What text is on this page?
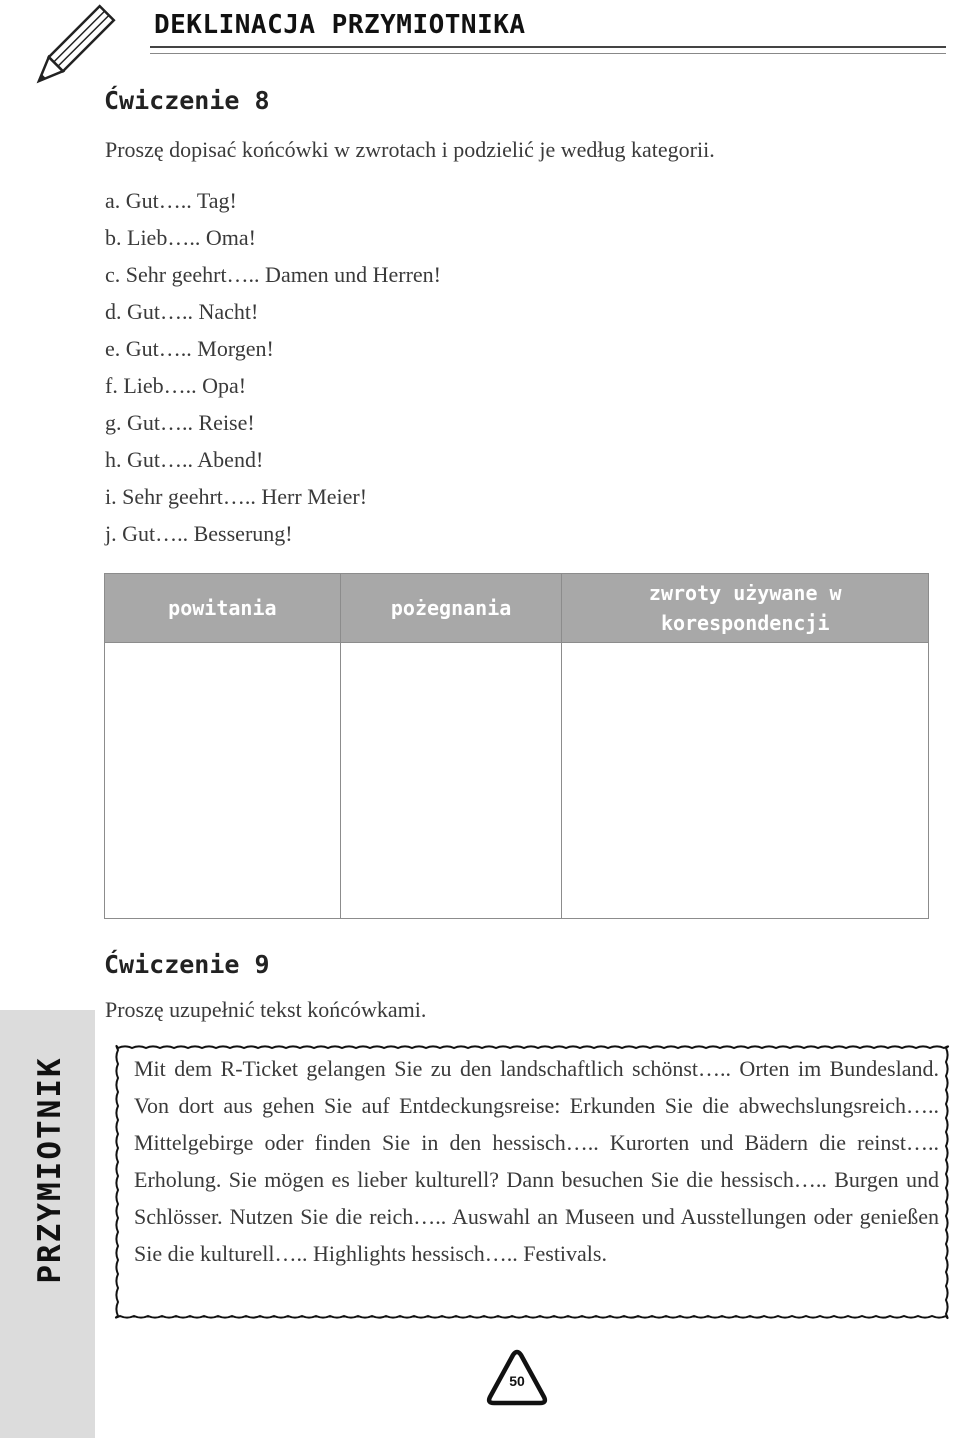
DEKLINACJA PRZYMIOTNIKA
Ćwiczenie 8
Proszę dopisać końcówki w zwrotach i podzielić je według kategorii.
a. Gut….. Tag!
b. Lieb….. Oma!
c. Sehr geehrt….. Damen und Herren!
d. Gut….. Nacht!
e. Gut….. Morgen!
f. Lieb….. Opa!
g. Gut….. Reise!
h. Gut….. Abend!
i. Sehr geehrt….. Herr Meier!
j. Gut….. Besserung!
powitania	pożegnania	zwroty używane w korespondencji

PRZYMIOTNIK
Ćwiczenie 9
Proszę uzupełnić tekst końcówkami.

Mit dem R-Ticket gelangen Sie zu den landschaftlich schönst….. Orten im Bundesland. Von dort aus gehen Sie auf Entdeckungsreise: Erkunden Sie die abwechslungsreich….. Mittelgebirge oder finden Sie in den hessisch….. Kurorten und Bädern die reinst….. Erholung. Sie mögen es lieber kulturell? Dann besuchen Sie die hessisch….. Burgen und Schlösser. Nutzen Sie die reich….. Auswahl an Museen und Ausstellungen oder genießen Sie die kulturell….. Highlights hessisch….. Festivals.

50
